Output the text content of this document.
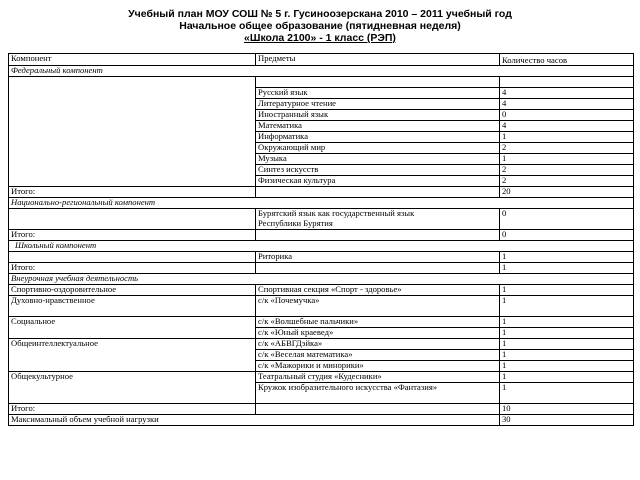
Учебный план МОУ СОШ № 5 г. Гусиноозерскана 2010 – 2011 учебный год
Начальное общее образование (пятидневная неделя)
«Школа 2100» - 1 класс (РЭП)
Компонент	Предметы	Количество часов
Федеральный компонент		

	Русский язык	4
	Литературное чтение	4
	Иностранный язык	0
	Математика	4
	Информатика	1
	Окружающий мир	2
	Музыка	1
	Синтез искусств	2
	Физическая культура	2
Итого:		20
Национально-региональный компонент		

	Бурятский язык как государственный язык
Республики Бурятия	0
Итого:		0
Школьный компонент		
	Риторика	1
Итого:		1
Внеурочная учебная деятельность		
Спортивно-оздоровительное	Спортивная секция «Спорт - здоровье»	1
Духовно-нравственное	с/к «Почемучка»	1
Социальное	с/к «Волшебные пальчики»	1
	с/к «Юный краевед»	1
Общеинтеллектуальное	с/к «АБВГДэйка»	1
	с/к «Веселая математика»	1
	с/к «Мажорики и минорики»	1
Общекультурное	Театральный студия «Кудесники»	1
	Кружок изобразительного искусства «Фантазия»	1
Итого:		10
Максимальный объем учебной нагрузки		30
